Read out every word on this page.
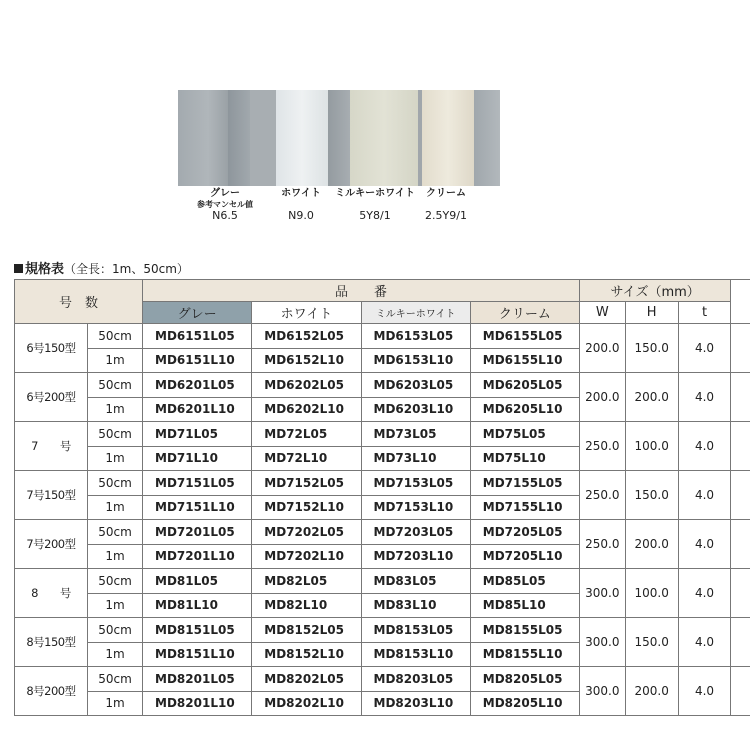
グレー
参考マンセル値
N6.5
ホワイト
N9.0
ミルキーホワイト
5Y8/1
クリーム
2.5Y9/1
規格表（全長：1m、50cm）
号　数		品　　番				サイズ（mm）			
		グレー	ホワイト	ミルキーホワイト	クリーム	W	H	t	
6号150型	50cm	MD6151L05	MD6152L05	MD6153L05	MD6155L05	200.0	150.0	4.0	
	1m	MD6151L10	MD6152L10	MD6153L10	MD6155L10				
6号200型	50cm	MD6201L05	MD6202L05	MD6203L05	MD6205L05	200.0	200.0	4.0	
	1m	MD6201L10	MD6202L10	MD6203L10	MD6205L10				
7　　号	50cm	MD71L05	MD72L05	MD73L05	MD75L05	250.0	100.0	4.0	
	1m	MD71L10	MD72L10	MD73L10	MD75L10				
7号150型	50cm	MD7151L05	MD7152L05	MD7153L05	MD7155L05	250.0	150.0	4.0	
	1m	MD7151L10	MD7152L10	MD7153L10	MD7155L10				
7号200型	50cm	MD7201L05	MD7202L05	MD7203L05	MD7205L05	250.0	200.0	4.0	
	1m	MD7201L10	MD7202L10	MD7203L10	MD7205L10				
8　　号	50cm	MD81L05	MD82L05	MD83L05	MD85L05	300.0	100.0	4.0	
	1m	MD81L10	MD82L10	MD83L10	MD85L10				
8号150型	50cm	MD8151L05	MD8152L05	MD8153L05	MD8155L05	300.0	150.0	4.0	
	1m	MD8151L10	MD8152L10	MD8153L10	MD8155L10				
8号200型	50cm	MD8201L05	MD8202L05	MD8203L05	MD8205L05	300.0	200.0	4.0	
	1m	MD8201L10	MD8202L10	MD8203L10	MD8205L10				
